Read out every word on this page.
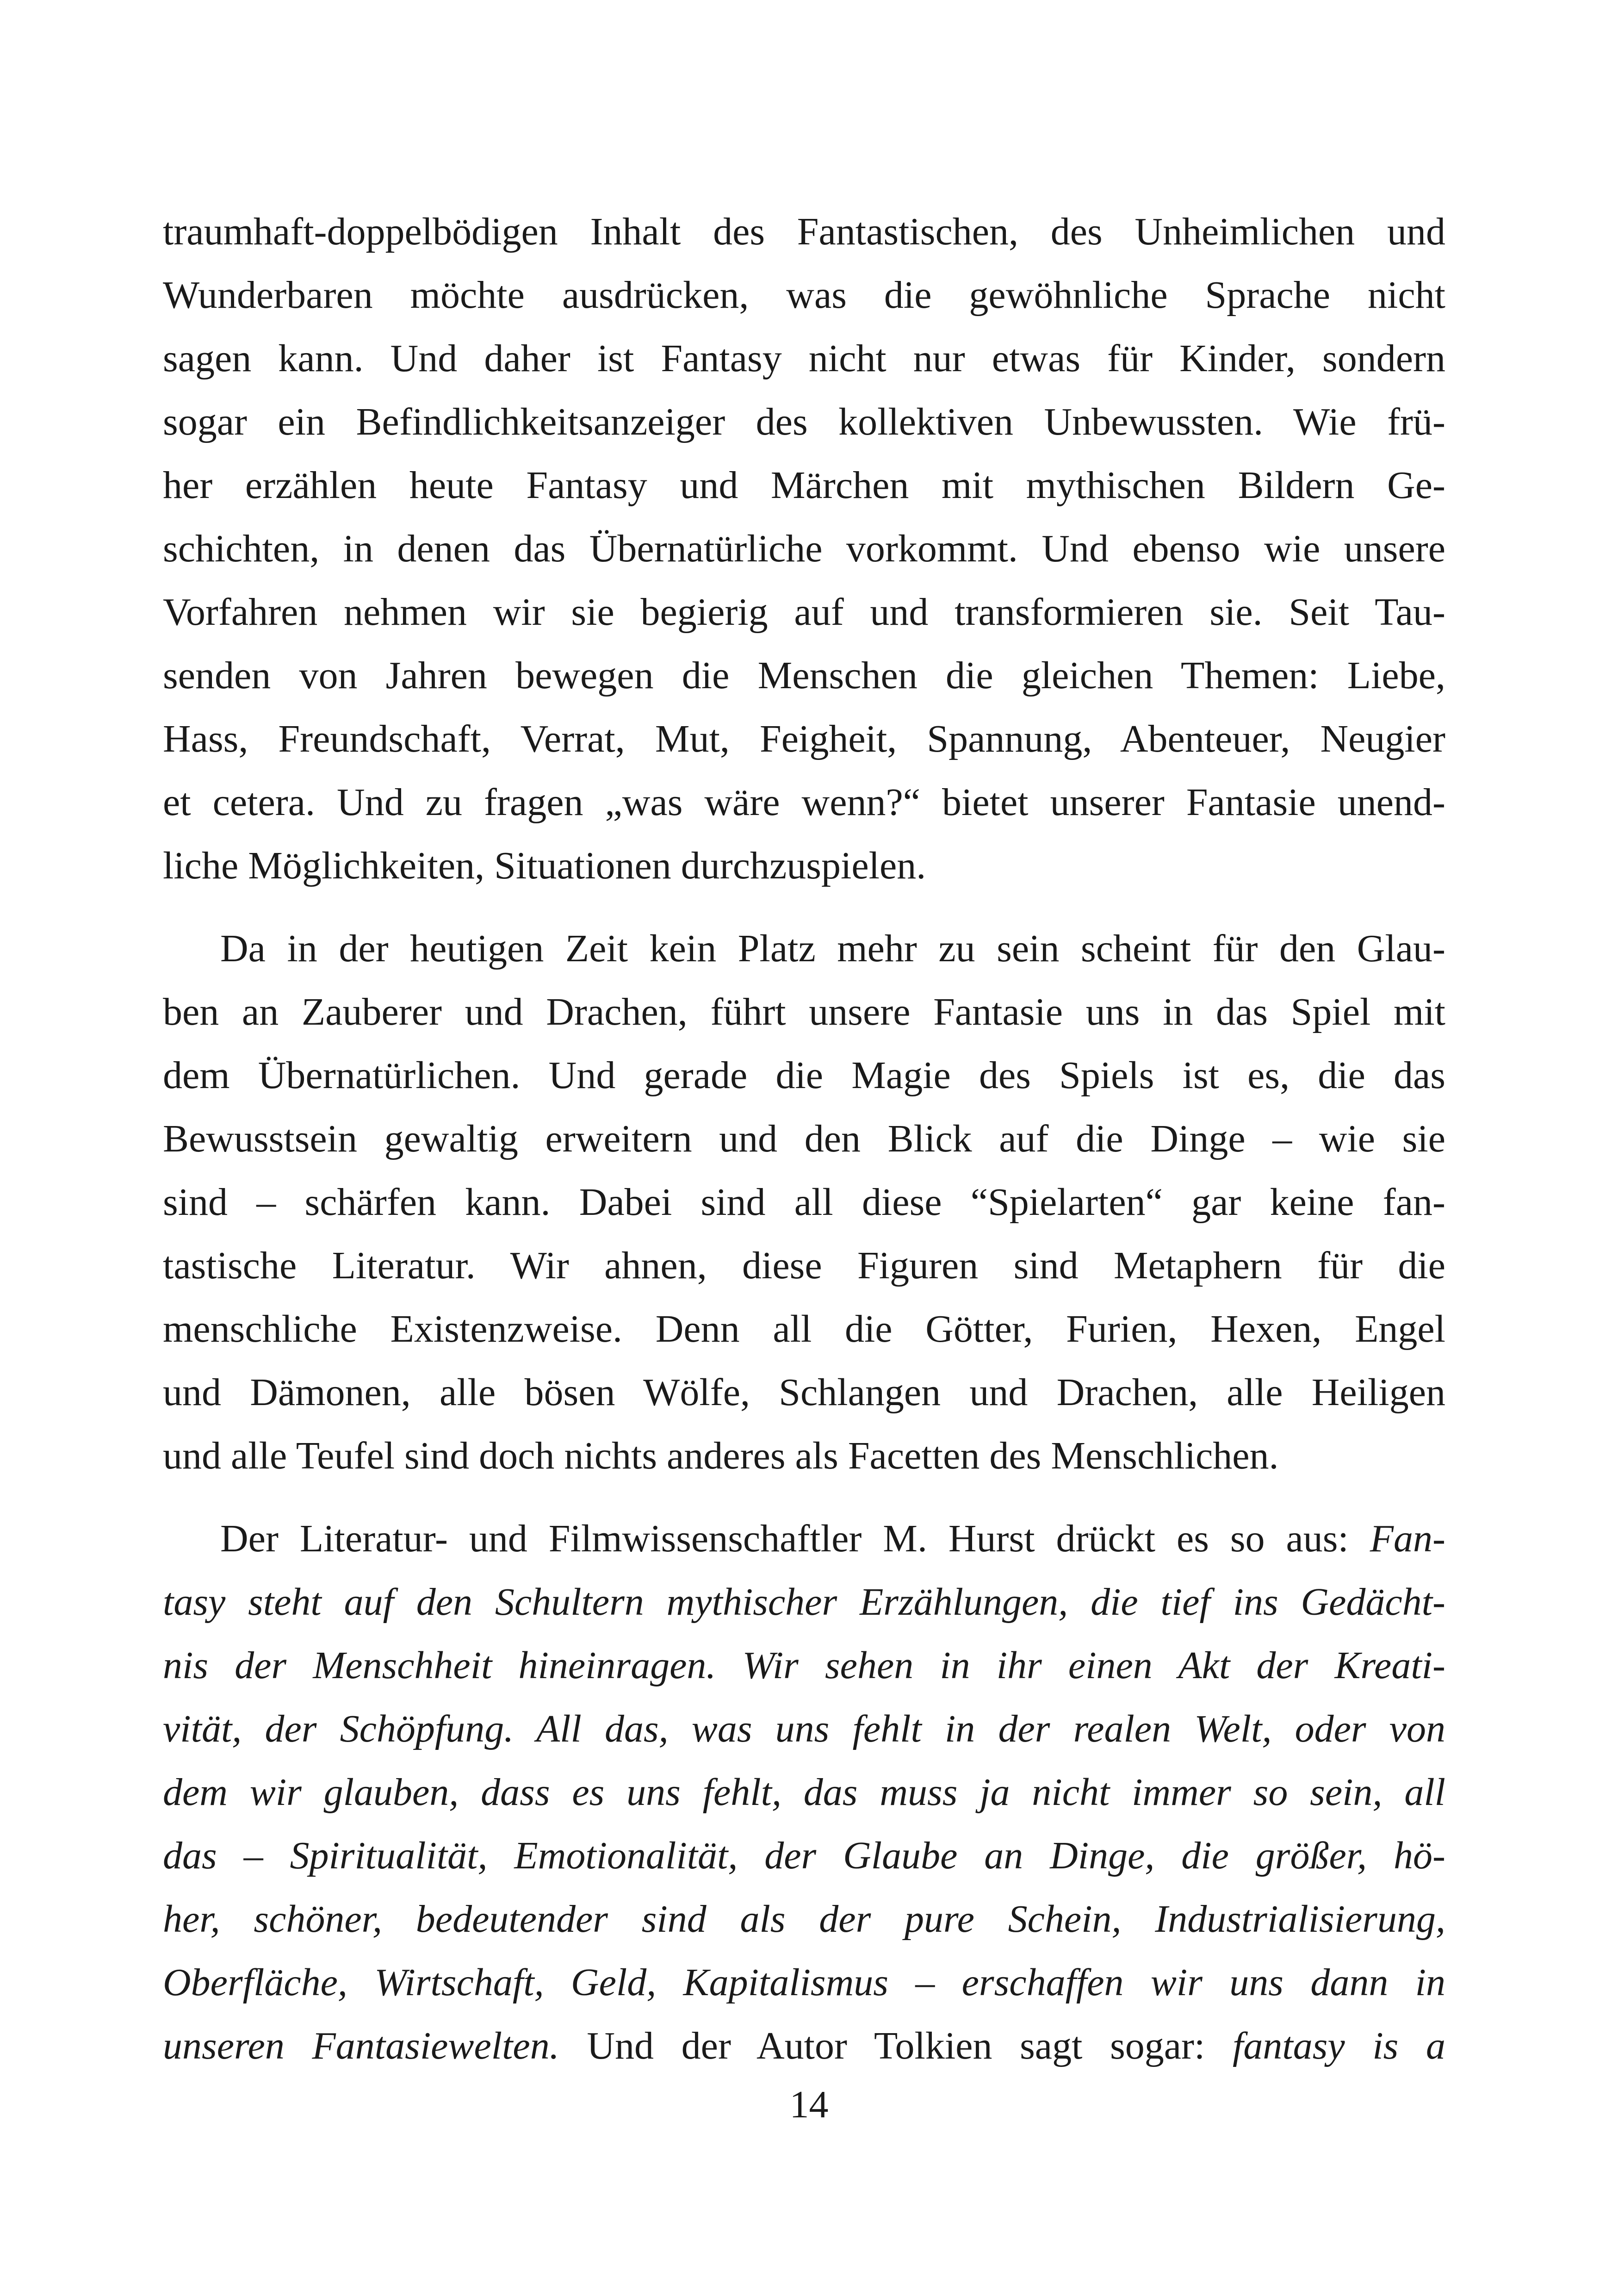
traumhaft-doppelbödigen Inhalt des Fantastischen, des Unheimlichen und
Wunderbaren möchte ausdrücken, was die gewöhnliche Sprache nicht
sagen kann. Und daher ist Fantasy nicht nur etwas für Kinder, sondern
sogar ein Befindlichkeitsanzeiger des kollektiven Unbewussten. Wie frü-
her erzählen heute Fantasy und Märchen mit mythischen Bildern Ge-
schichten, in denen das Übernatürliche vorkommt. Und ebenso wie unsere
Vorfahren nehmen wir sie begierig auf und transformieren sie. Seit Tau-
senden von Jahren bewegen die Menschen die gleichen Themen: Liebe,
Hass, Freundschaft, Verrat, Mut, Feigheit, Spannung, Abenteuer, Neugier
et cetera. Und zu fragen „was wäre wenn?“ bietet unserer Fantasie unend-
liche Möglichkeiten, Situationen durchzuspielen.
Da in der heutigen Zeit kein Platz mehr zu sein scheint für den Glau-
ben an Zauberer und Drachen, führt unsere Fantasie uns in das Spiel mit
dem Übernatürlichen. Und gerade die Magie des Spiels ist es, die das
Bewusstsein gewaltig erweitern und den Blick auf die Dinge – wie sie
sind – schärfen kann. Dabei sind all diese “Spielarten“ gar keine fan-
tastische Literatur. Wir ahnen, diese Figuren sind Metaphern für die
menschliche Existenzweise. Denn all die Götter, Furien, Hexen, Engel
und Dämonen, alle bösen Wölfe, Schlangen und Drachen, alle Heiligen
und alle Teufel sind doch nichts anderes als Facetten des Menschlichen.
Der Literatur- und Filmwissenschaftler M. Hurst drückt es so aus: Fan-
tasy steht auf den Schultern mythischer Erzählungen, die tief ins Gedächt-
nis der Menschheit hineinragen. Wir sehen in ihr einen Akt der Kreati-
vität, der Schöpfung. All das, was uns fehlt in der realen Welt, oder von
dem wir glauben, dass es uns fehlt, das muss ja nicht immer so sein, all
das – Spiritualität, Emotionalität, der Glaube an Dinge, die größer, hö-
her, schöner, bedeutender sind als der pure Schein, Industrialisierung,
Oberfläche, Wirtschaft, Geld, Kapitalismus – erschaffen wir uns dann in
unseren Fantasiewelten. Und der Autor Tolkien sagt sogar: fantasy is a
14
